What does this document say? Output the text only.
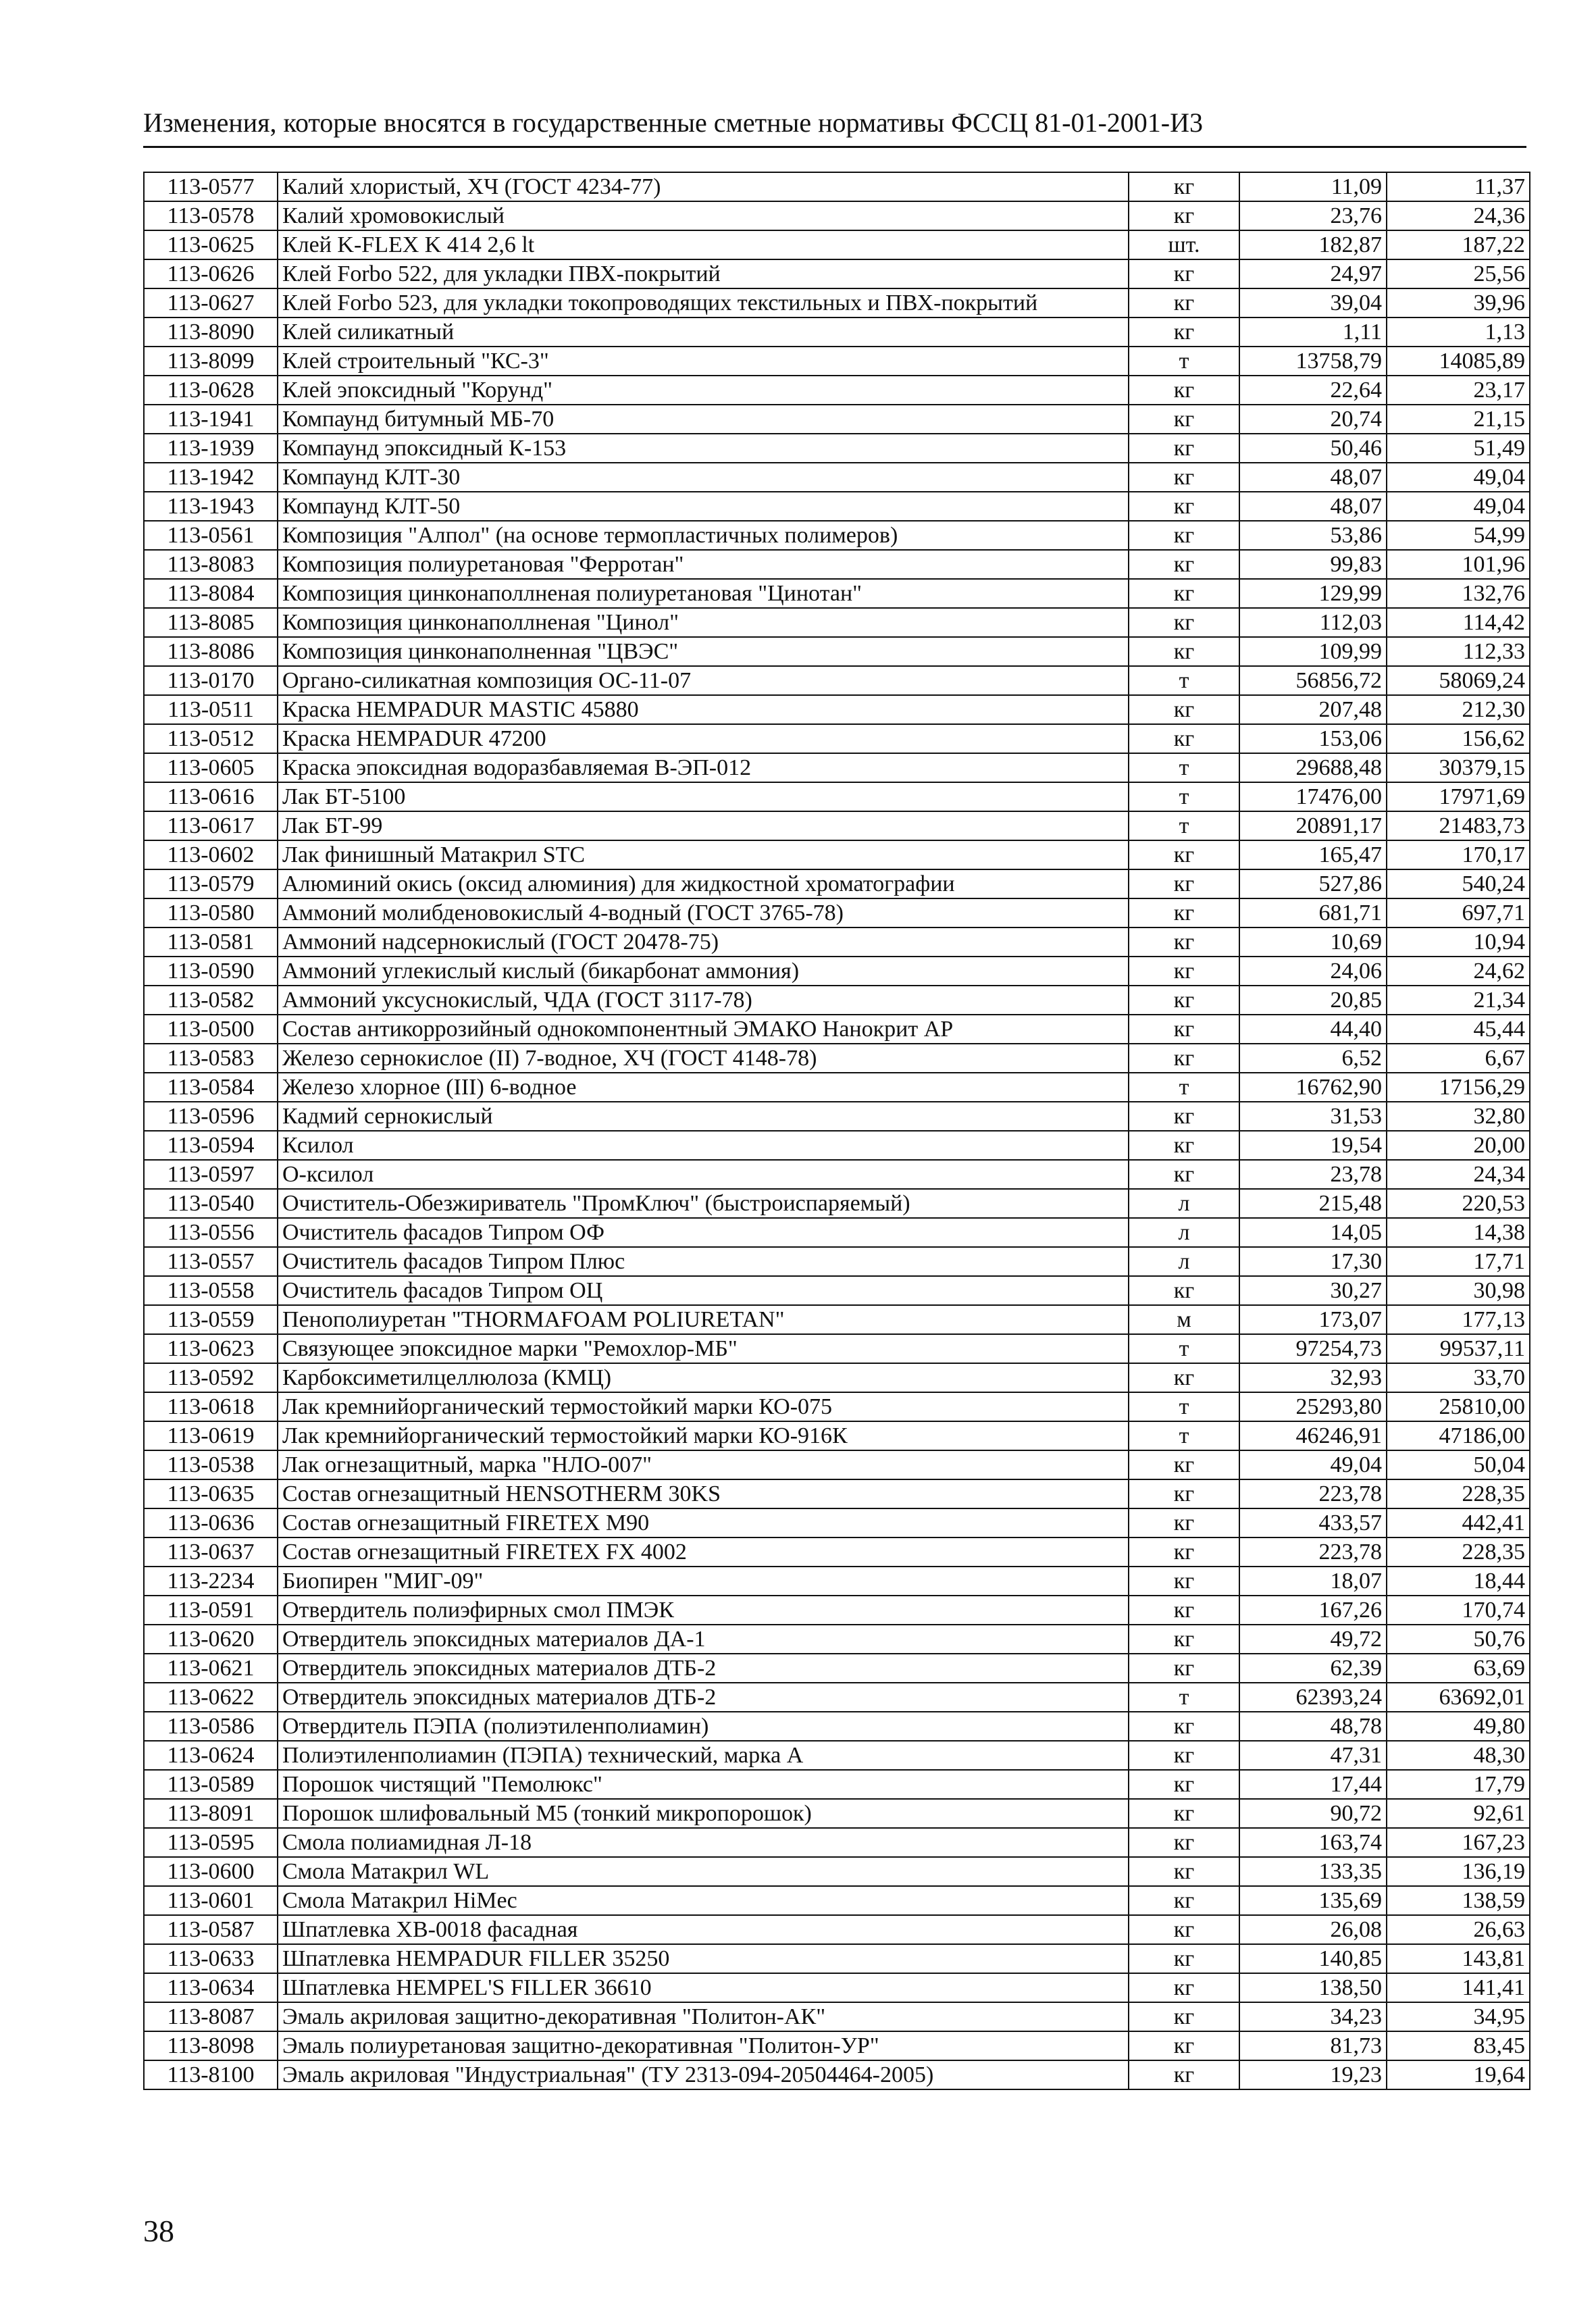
Изменения, которые вносятся в государственные сметные нормативы ФССЦ 81-01-2001-И3
113-0577	Калий хлористый, ХЧ (ГОСТ 4234-77)	кг	11,09	11,37
113-0578	Калий хромовокислый	кг	23,76	24,36
113-0625	Клей K-FLEX K 414 2,6 lt	шт.	182,87	187,22
113-0626	Клей Forbo 522, для укладки ПВХ-покрытий	кг	24,97	25,56
113-0627	Клей Forbo 523, для укладки токопроводящих текстильных и ПВХ-покрытий	кг	39,04	39,96
113-8090	Клей силикатный	кг	1,11	1,13
113-8099	Клей строительный "КС-3"	т	13758,79	14085,89
113-0628	Клей эпоксидный "Корунд"	кг	22,64	23,17
113-1941	Компаунд битумный МБ-70	кг	20,74	21,15
113-1939	Компаунд эпоксидный К-153	кг	50,46	51,49
113-1942	Компаунд КЛТ-30	кг	48,07	49,04
113-1943	Компаунд КЛТ-50	кг	48,07	49,04
113-0561	Композиция "Алпол" (на основе термопластичных полимеров)	кг	53,86	54,99
113-8083	Композиция полиуретановая "Ферротан"	кг	99,83	101,96
113-8084	Композиция цинконаполлненая полиуретановая "Цинотан"	кг	129,99	132,76
113-8085	Композиция цинконаполлненая "Цинол"	кг	112,03	114,42
113-8086	Композиция цинконаполненная "ЦВЭС"	кг	109,99	112,33
113-0170	Органо-силикатная композиция ОС-11-07	т	56856,72	58069,24
113-0511	Краска HEMPADUR MASTIC 45880	кг	207,48	212,30
113-0512	Краска HEMPADUR 47200	кг	153,06	156,62
113-0605	Краска эпоксидная водоразбавляемая В-ЭП-012	т	29688,48	30379,15
113-0616	Лак БТ-5100	т	17476,00	17971,69
113-0617	Лак БТ-99	т	20891,17	21483,73
113-0602	Лак финишный Матакрил STC	кг	165,47	170,17
113-0579	Алюминий окись (оксид алюминия) для жидкостной хроматографии	кг	527,86	540,24
113-0580	Аммоний молибденовокислый 4-водный (ГОСТ 3765-78)	кг	681,71	697,71
113-0581	Аммоний надсернокислый (ГОСТ 20478-75)	кг	10,69	10,94
113-0590	Аммоний углекислый кислый (бикарбонат аммония)	кг	24,06	24,62
113-0582	Аммоний уксуснокислый, ЧДА (ГОСТ 3117-78)	кг	20,85	21,34
113-0500	Состав антикоррозийный однокомпонентный ЭМАКО Нанокрит АР	кг	44,40	45,44
113-0583	Железо сернокислое (II) 7-водное, ХЧ (ГОСТ 4148-78)	кг	6,52	6,67
113-0584	Железо хлорное (III) 6-водное	т	16762,90	17156,29
113-0596	Кадмий сернокислый	кг	31,53	32,80
113-0594	Ксилол	кг	19,54	20,00
113-0597	О-ксилол	кг	23,78	24,34
113-0540	Очиститель-Обезжириватель "ПромКлюч" (быстроиспаряемый)	л	215,48	220,53
113-0556	Очиститель фасадов Типром ОФ	л	14,05	14,38
113-0557	Очиститель фасадов Типром Плюс	л	17,30	17,71
113-0558	Очиститель фасадов Типром ОЦ	кг	30,27	30,98
113-0559	Пенополиуретан "THORMAFOAM POLIURETAN"	м	173,07	177,13
113-0623	Связующее эпоксидное марки "Ремохлор-МБ"	т	97254,73	99537,11
113-0592	Карбоксиметилцеллюлоза (КМЦ)	кг	32,93	33,70
113-0618	Лак кремнийорганический термостойкий марки КО-075	т	25293,80	25810,00
113-0619	Лак кремнийорганический термостойкий марки КО-916К	т	46246,91	47186,00
113-0538	Лак огнезащитный, марка "НЛО-007"	кг	49,04	50,04
113-0635	Состав огнезащитный HENSOTHERM 30KS	кг	223,78	228,35
113-0636	Состав огнезащитный FIRETEX M90	кг	433,57	442,41
113-0637	Состав огнезащитный FIRETEX FX 4002	кг	223,78	228,35
113-2234	Биопирен "МИГ-09"	кг	18,07	18,44
113-0591	Отвердитель полиэфирных смол ПМЭК	кг	167,26	170,74
113-0620	Отвердитель эпоксидных материалов ДА-1	кг	49,72	50,76
113-0621	Отвердитель эпоксидных материалов ДТБ-2	кг	62,39	63,69
113-0622	Отвердитель эпоксидных материалов ДТБ-2	т	62393,24	63692,01
113-0586	Отвердитель ПЭПА (полиэтиленполиамин)	кг	48,78	49,80
113-0624	Полиэтиленполиамин (ПЭПА) технический, марка А	кг	47,31	48,30
113-0589	Порошок чистящий "Пемолюкс"	кг	17,44	17,79
113-8091	Порошок шлифовальный М5 (тонкий микропорошок)	кг	90,72	92,61
113-0595	Смола полиамидная Л-18	кг	163,74	167,23
113-0600	Смола Матакрил WL	кг	133,35	136,19
113-0601	Смола Матакрил HiMec	кг	135,69	138,59
113-0587	Шпатлевка ХВ-0018 фасадная	кг	26,08	26,63
113-0633	Шпатлевка HEMPADUR FILLER 35250	кг	140,85	143,81
113-0634	Шпатлевка HEMPEL'S FILLER 36610	кг	138,50	141,41
113-8087	Эмаль акриловая защитно-декоративная "Политон-АК"	кг	34,23	34,95
113-8098	Эмаль полиуретановая защитно-декоративная "Политон-УР"	кг	81,73	83,45
113-8100	Эмаль акриловая "Индустриальная" (ТУ 2313-094-20504464-2005)	кг	19,23	19,64
38
